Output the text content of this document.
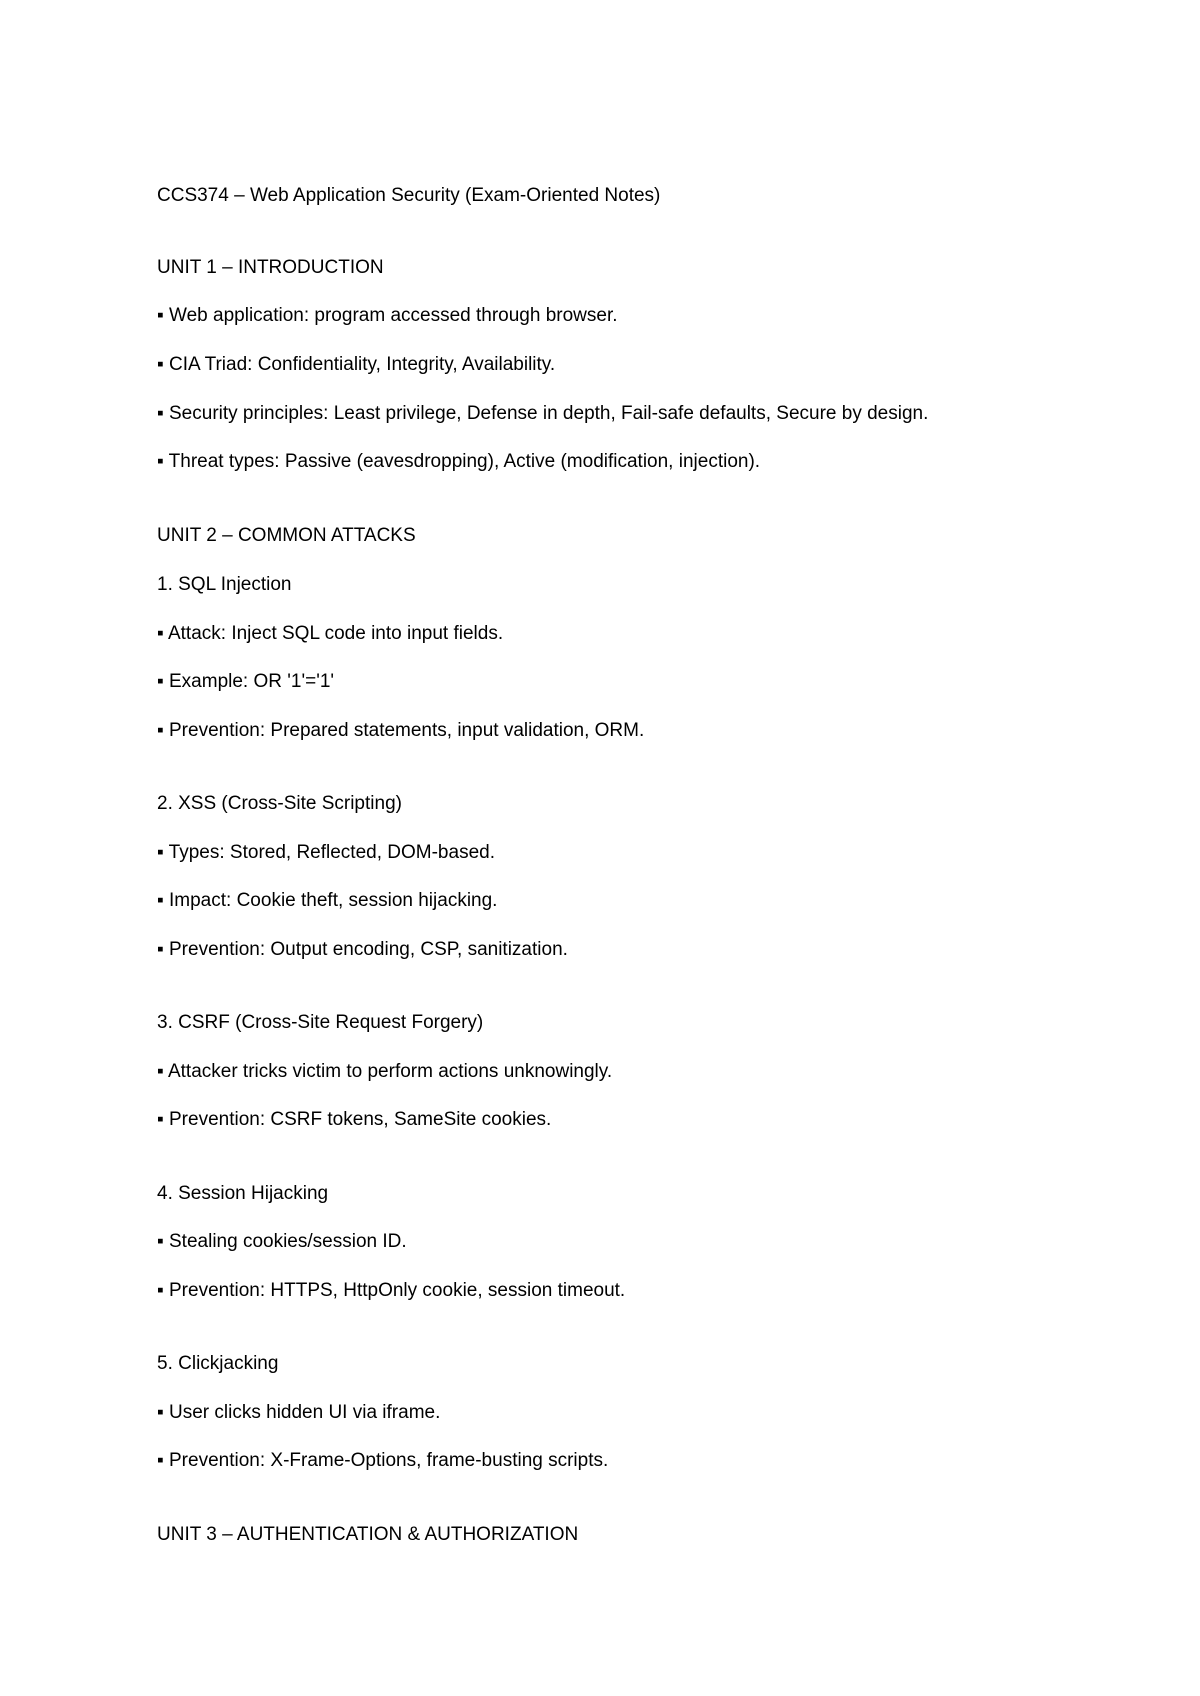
CCS374 – Web Application Security (Exam-Oriented Notes)
UNIT 1 – INTRODUCTION
▪ Web application: program accessed through browser.
▪ CIA Triad: Confidentiality, Integrity, Availability.
▪ Security principles: Least privilege, Defense in depth, Fail-safe defaults, Secure by design.
▪ Threat types: Passive (eavesdropping), Active (modification, injection).
UNIT 2 – COMMON ATTACKS
1. SQL Injection
▪ Attack: Inject SQL code into input fields.
▪ Example: OR '1'='1'
▪ Prevention: Prepared statements, input validation, ORM.
2. XSS (Cross-Site Scripting)
▪ Types: Stored, Reflected, DOM-based.
▪ Impact: Cookie theft, session hijacking.
▪ Prevention: Output encoding, CSP, sanitization.
3. CSRF (Cross-Site Request Forgery)
▪ Attacker tricks victim to perform actions unknowingly.
▪ Prevention: CSRF tokens, SameSite cookies.
4. Session Hijacking
▪ Stealing cookies/session ID.
▪ Prevention: HTTPS, HttpOnly cookie, session timeout.
5. Clickjacking
▪ User clicks hidden UI via iframe.
▪ Prevention: X-Frame-Options, frame-busting scripts.
UNIT 3 – AUTHENTICATION & AUTHORIZATION
